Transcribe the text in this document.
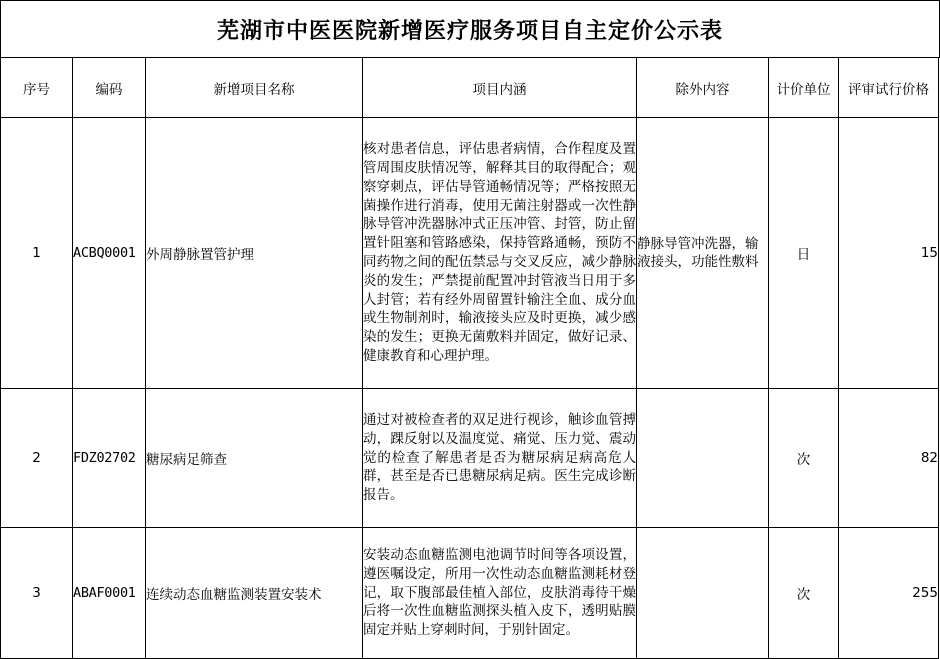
芜湖市中医医院新增医疗服务项目自主定价公示表
序号	编码	新增项目名称	项目内涵	除外内容	计价单位	评审试行价格
1	ACBQ0001	外周静脉置管护理	核对患者信息，评估患者病情，合作程度及置管周围皮肤情况等，解释其目的取得配合；观察穿刺点，评估导管通畅情况等；严格按照无菌操作进行消毒，使用无菌注射器或一次性静脉导管冲洗器脉冲式正压冲管、封管，防止留置针阻塞和管路感染，保持管路通畅，预防不同药物之间的配伍禁忌与交叉反应，减少静脉炎的发生；严禁提前配置冲封管液当日用于多人封管；若有经外周留置针输注全血、成分血或生物制剂时，输液接头应及时更换，减少感染的发生；更换无菌敷料并固定，做好记录、健康教育和心理护理。	静脉导管冲洗器，输液接头，功能性敷料	日	15
2	FDZ02702	糖尿病足筛查	通过对被检查者的双足进行视诊，触诊血管搏动，踝反射以及温度觉、痛觉、压力觉、震动觉的检查了解患者是否为糖尿病足病高危人群，甚至是否已患糖尿病足病。医生完成诊断报告。		次	82
3	ABAF0001	连续动态血糖监测装置安装术	安装动态血糖监测电池调节时间等各项设置，遵医嘱设定，所用一次性动态血糖监测耗材登记，取下腹部最佳植入部位，皮肤消毒待干燥后将一次性血糖监测探头植入皮下，透明贴膜固定并贴上穿刺时间，于别针固定。		次	255
